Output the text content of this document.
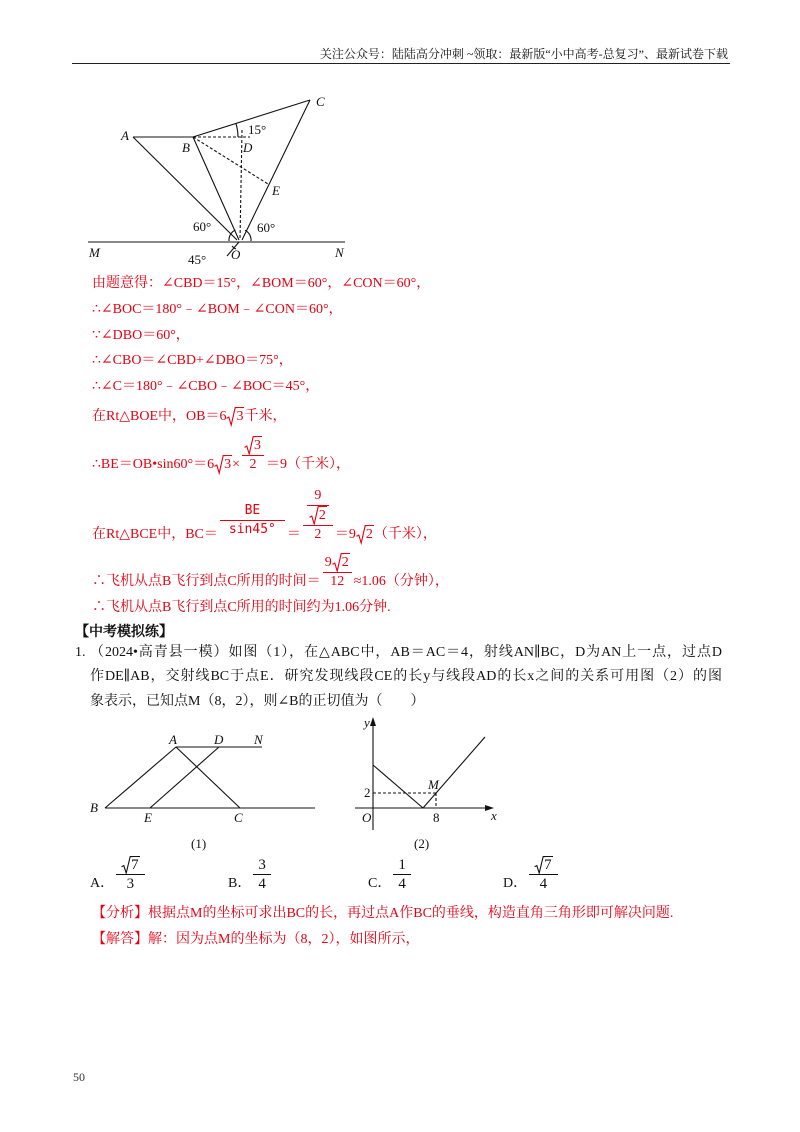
关注公众号：陆陆高分冲刺 ~领取：最新版“小中高考-总复习”、最新试卷下载
A
B
C
D
E
O
M	N
15°
60°	60°
45°
由题意得：∠CBD＝15°，∠BOM＝60°，∠CON＝60°，
∴∠BOC＝180°﹣∠BOM﹣∠CON＝60°，
∵∠DBO＝60°，
∴∠CBO＝∠CBD+∠DBO＝75°，
∴∠C＝180°﹣∠CBO﹣∠BOC＝45°，
在Rt△BOE中，OB＝6 3千米，
∴BE＝OB•sin60°＝6 $3 \times \frac{3}{2} =9$（千米），
在Rt△BCE中，$BC= \frac{BE}{\sin 45^\circ} = \frac{\frac{9}{2}}{2} =9$ 2 （千米），
∴飞机从点B飞行到点C所用的时间＝ $\frac{9 2}{12} \approx 1.06$（分钟），
∴飞机从点B飞行到点C所用的时间约为1.06分钟.
【中考模拟练】
1. （2024•高青县一模）如图（1），在△ABC中，AB＝AC＝4，射线AN∥BC，D为AN上一点，过点D
作DE∥AB，交射线BC于点E．研究发现线段CE的长y与线段AD的长x之间的关系可用图（2）的图
象表示，已知点M（8，2），则∠B的正切值为（　　）
A	D N
B
E	C
(1)
y
x
O
2
8
M
(2)
A． $\frac{7}{3}$	B． $\frac{3}{4}$	C． $\frac{1}{4}$	D． $\frac{7}{4}$
【分析】根据点M的坐标可求出BC的长，再过点A作BC的垂线，构造直角三角形即可解决问题.
【解答】解：因为点M的坐标为（8，2），如图所示，
50
